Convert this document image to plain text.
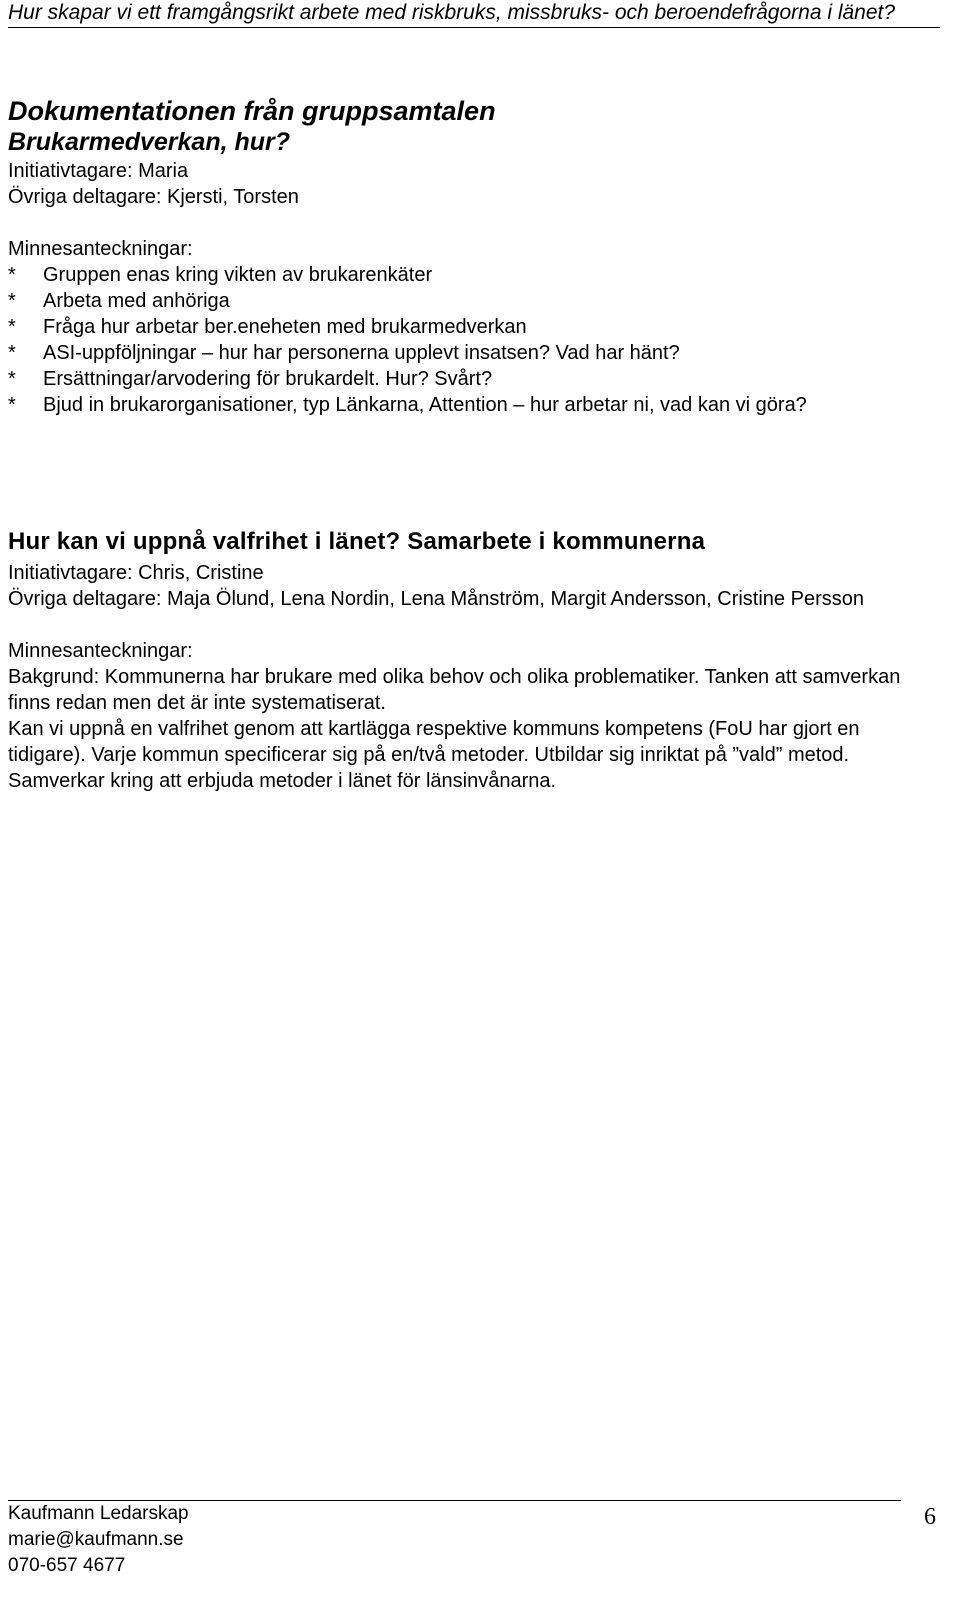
Hur skapar vi ett framgångsrikt arbete med riskbruks, missbruks- och beroendefrågorna i länet?
Dokumentationen från gruppsamtalen
Brukarmedverkan, hur?
Initiativtagare: Maria
Övriga deltagare: Kjersti, Torsten
Minnesanteckningar:
*	Gruppen enas kring vikten av brukarenkäter
*	Arbeta med anhöriga
*	Fråga hur arbetar ber.eneheten med brukarmedverkan
*	ASI-uppföljningar – hur har personerna upplevt insatsen? Vad har hänt?
*	Ersättningar/arvodering för brukardelt. Hur? Svårt?
*	Bjud in brukarorganisationer, typ Länkarna, Attention – hur arbetar ni, vad kan vi göra?
Hur kan vi uppnå valfrihet i länet? Samarbete i kommunerna
Initiativtagare: Chris, Cristine
Övriga deltagare: Maja Ölund, Lena Nordin, Lena Månström, Margit Andersson, Cristine Persson
Minnesanteckningar:
Bakgrund: Kommunerna har brukare med olika behov och olika problematiker. Tanken att samverkan finns redan men det är inte systematiserat.
Kan vi uppnå en valfrihet genom att kartlägga respektive kommuns kompetens (FoU har gjort en tidigare). Varje kommun specificerar sig på en/två metoder. Utbildar sig inriktat på ”vald” metod. Samverkar kring att erbjuda metoder i länet för länsinvånarna.
Kaufmann Ledarskap
marie@kaufmann.se
070-657 4677
6
